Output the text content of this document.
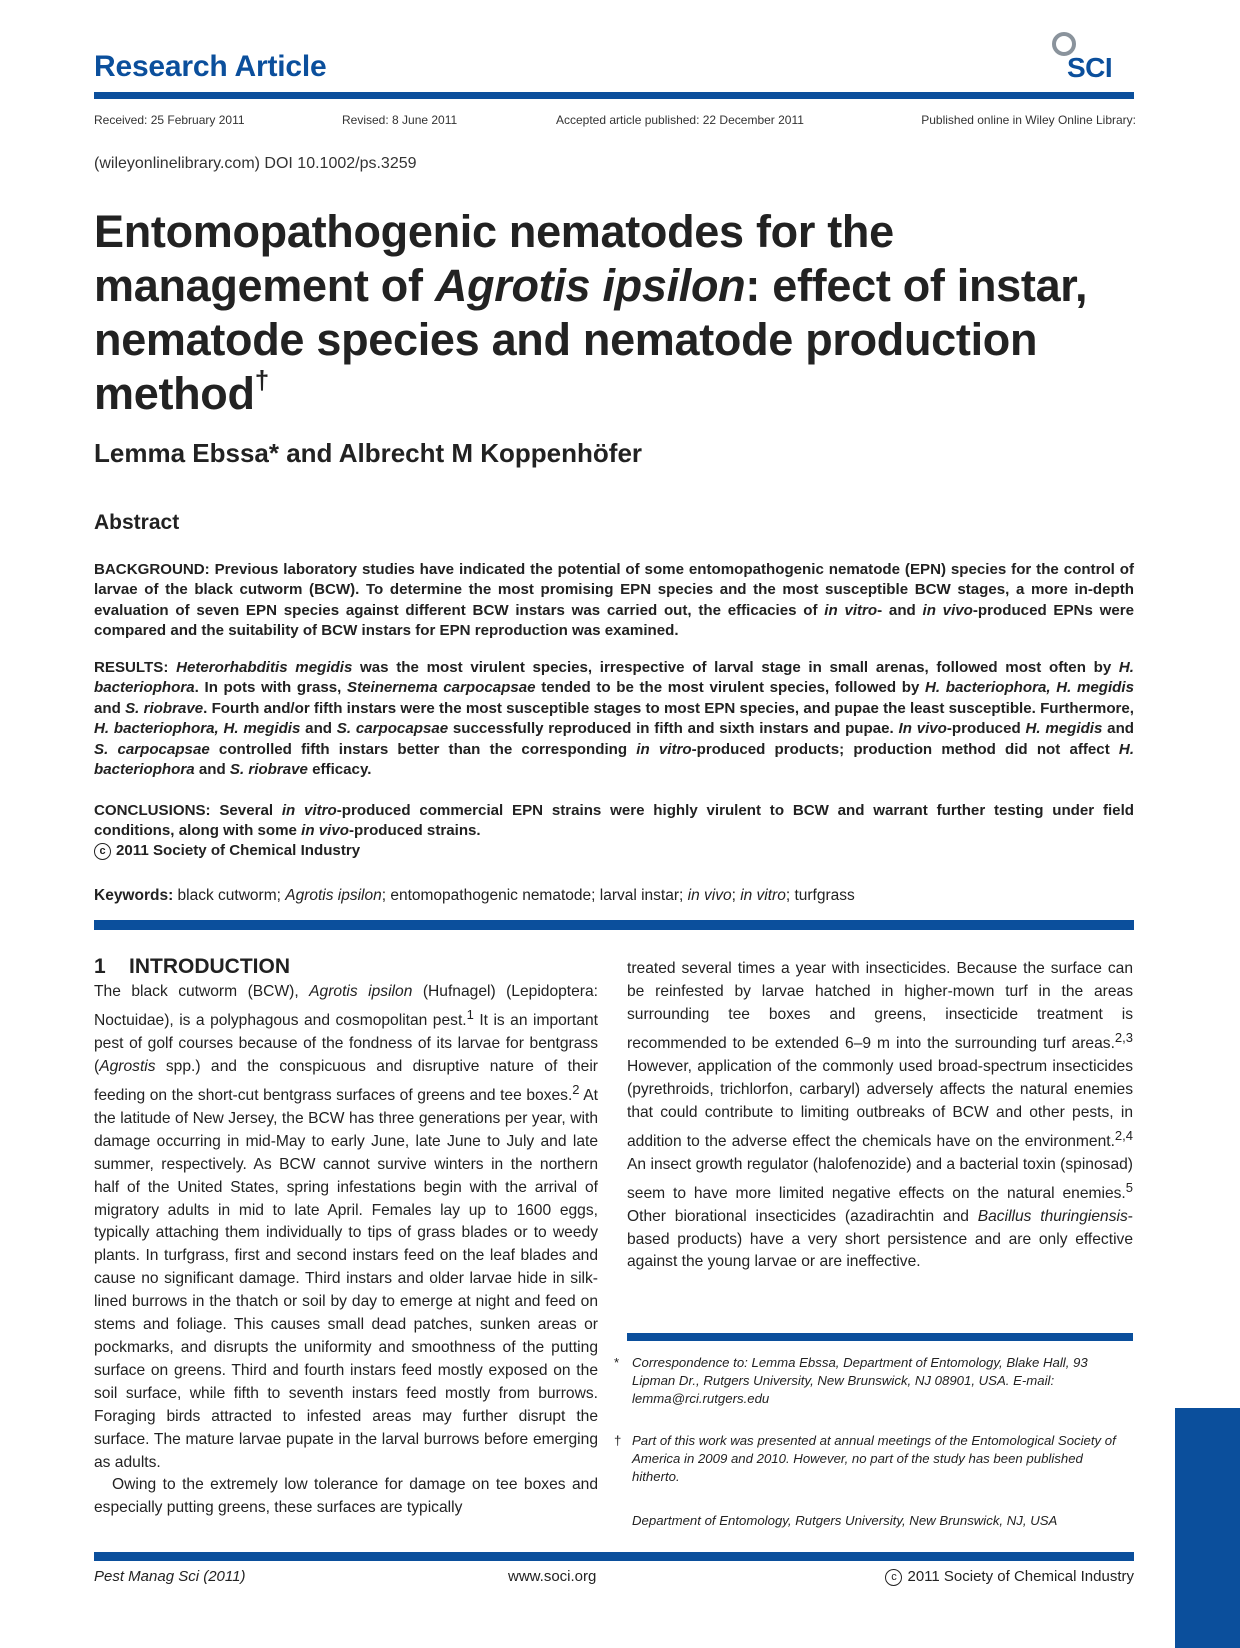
Research Article	SCI
Received: 25 February 2011	Revised: 8 June 2011	Accepted article published: 22 December 2011	Published online in Wiley Online Library:
(wileyonlinelibrary.com) DOI 10.1002/ps.3259
Entomopathogenic nematodes for the management of Agrotis ipsilon: effect of instar, nematode species and nematode production method†
Lemma Ebssa* and Albrecht M Koppenhöfer
Abstract
BACKGROUND: Previous laboratory studies have indicated the potential of some entomopathogenic nematode (EPN) species for the control of larvae of the black cutworm (BCW). To determine the most promising EPN species and the most susceptible BCW stages, a more in-depth evaluation of seven EPN species against different BCW instars was carried out, the efficacies of in vitro- and in vivo-produced EPNs were compared and the suitability of BCW instars for EPN reproduction was examined.
RESULTS: Heterorhabditis megidis was the most virulent species, irrespective of larval stage in small arenas, followed most often by H. bacteriophora. In pots with grass, Steinernema carpocapsae tended to be the most virulent species, followed by H. bacteriophora, H. megidis and S. riobrave. Fourth and/or fifth instars were the most susceptible stages to most EPN species, and pupae the least susceptible. Furthermore, H. bacteriophora, H. megidis and S. carpocapsae successfully reproduced in fifth and sixth instars and pupae. In vivo-produced H. megidis and S. carpocapsae controlled fifth instars better than the corresponding in vitro-produced products; production method did not affect H. bacteriophora and S. riobrave efficacy.
CONCLUSIONS: Several in vitro-produced commercial EPN strains were highly virulent to BCW and warrant further testing under field conditions, along with some in vivo-produced strains.
c 2011 Society of Chemical Industry
Keywords: black cutworm; Agrotis ipsilon; entomopathogenic nematode; larval instar; in vivo; in vitro; turfgrass
1    INTRODUCTION
The black cutworm (BCW), Agrotis ipsilon (Hufnagel) (Lepidoptera: Noctuidae), is a polyphagous and cosmopolitan pest.$^1$ It is an important pest of golf courses because of the fondness of its larvae for bentgrass (Agrostis spp.) and the conspicuous and disruptive nature of their feeding on the short-cut bentgrass surfaces of greens and tee boxes.$^2$ At the latitude of New Jersey, the BCW has three generations per year, with damage occurring in mid-May to early June, late June to July and late summer, respectively. As BCW cannot survive winters in the northern half of the United States, spring infestations begin with the arrival of migratory adults in mid to late April. Females lay up to 1600 eggs, typically attaching them individually to tips of grass blades or to weedy plants. In turfgrass, first and second instars feed on the leaf blades and cause no significant damage. Third instars and older larvae hide in silk-lined burrows in the thatch or soil by day to emerge at night and feed on stems and foliage. This causes small dead patches, sunken areas or pockmarks, and disrupts the uniformity and smoothness of the putting surface on greens. Third and fourth instars feed mostly exposed on the soil surface, while fifth to seventh instars feed mostly from burrows. Foraging birds attracted to infested areas may further disrupt the surface. The mature larvae pupate in the larval burrows before emerging as adults.
Owing to the extremely low tolerance for damage on tee boxes and especially putting greens, these surfaces are typically
treated several times a year with insecticides. Because the surface can be reinfested by larvae hatched in higher-mown turf in the areas surrounding tee boxes and greens, insecticide treatment is recommended to be extended 6–9 m into the surrounding turf areas.$^{2,3}$ However, application of the commonly used broad-spectrum insecticides (pyrethroids, trichlorfon, carbaryl) adversely affects the natural enemies that could contribute to limiting outbreaks of BCW and other pests, in addition to the adverse effect the chemicals have on the environment.$^{2,4}$ An insect growth regulator (halofenozide) and a bacterial toxin (spinosad) seem to have more limited negative effects on the natural enemies.$^5$ Other biorational insecticides (azadirachtin and Bacillus thuringiensis-based products) have a very short persistence and are only effective against the young larvae or are ineffective.
* Correspondence to: Lemma Ebssa, Department of Entomology, Blake Hall, 93 Lipman Dr., Rutgers University, New Brunswick, NJ 08901, USA. E-mail: lemma@rci.rutgers.edu
† Part of this work was presented at annual meetings of the Entomological Society of America in 2009 and 2010. However, no part of the study has been published hitherto.
Department of Entomology, Rutgers University, New Brunswick, NJ, USA
Pest Manag Sci (2011)	www.soci.org	c 2011 Society of Chemical Industry
